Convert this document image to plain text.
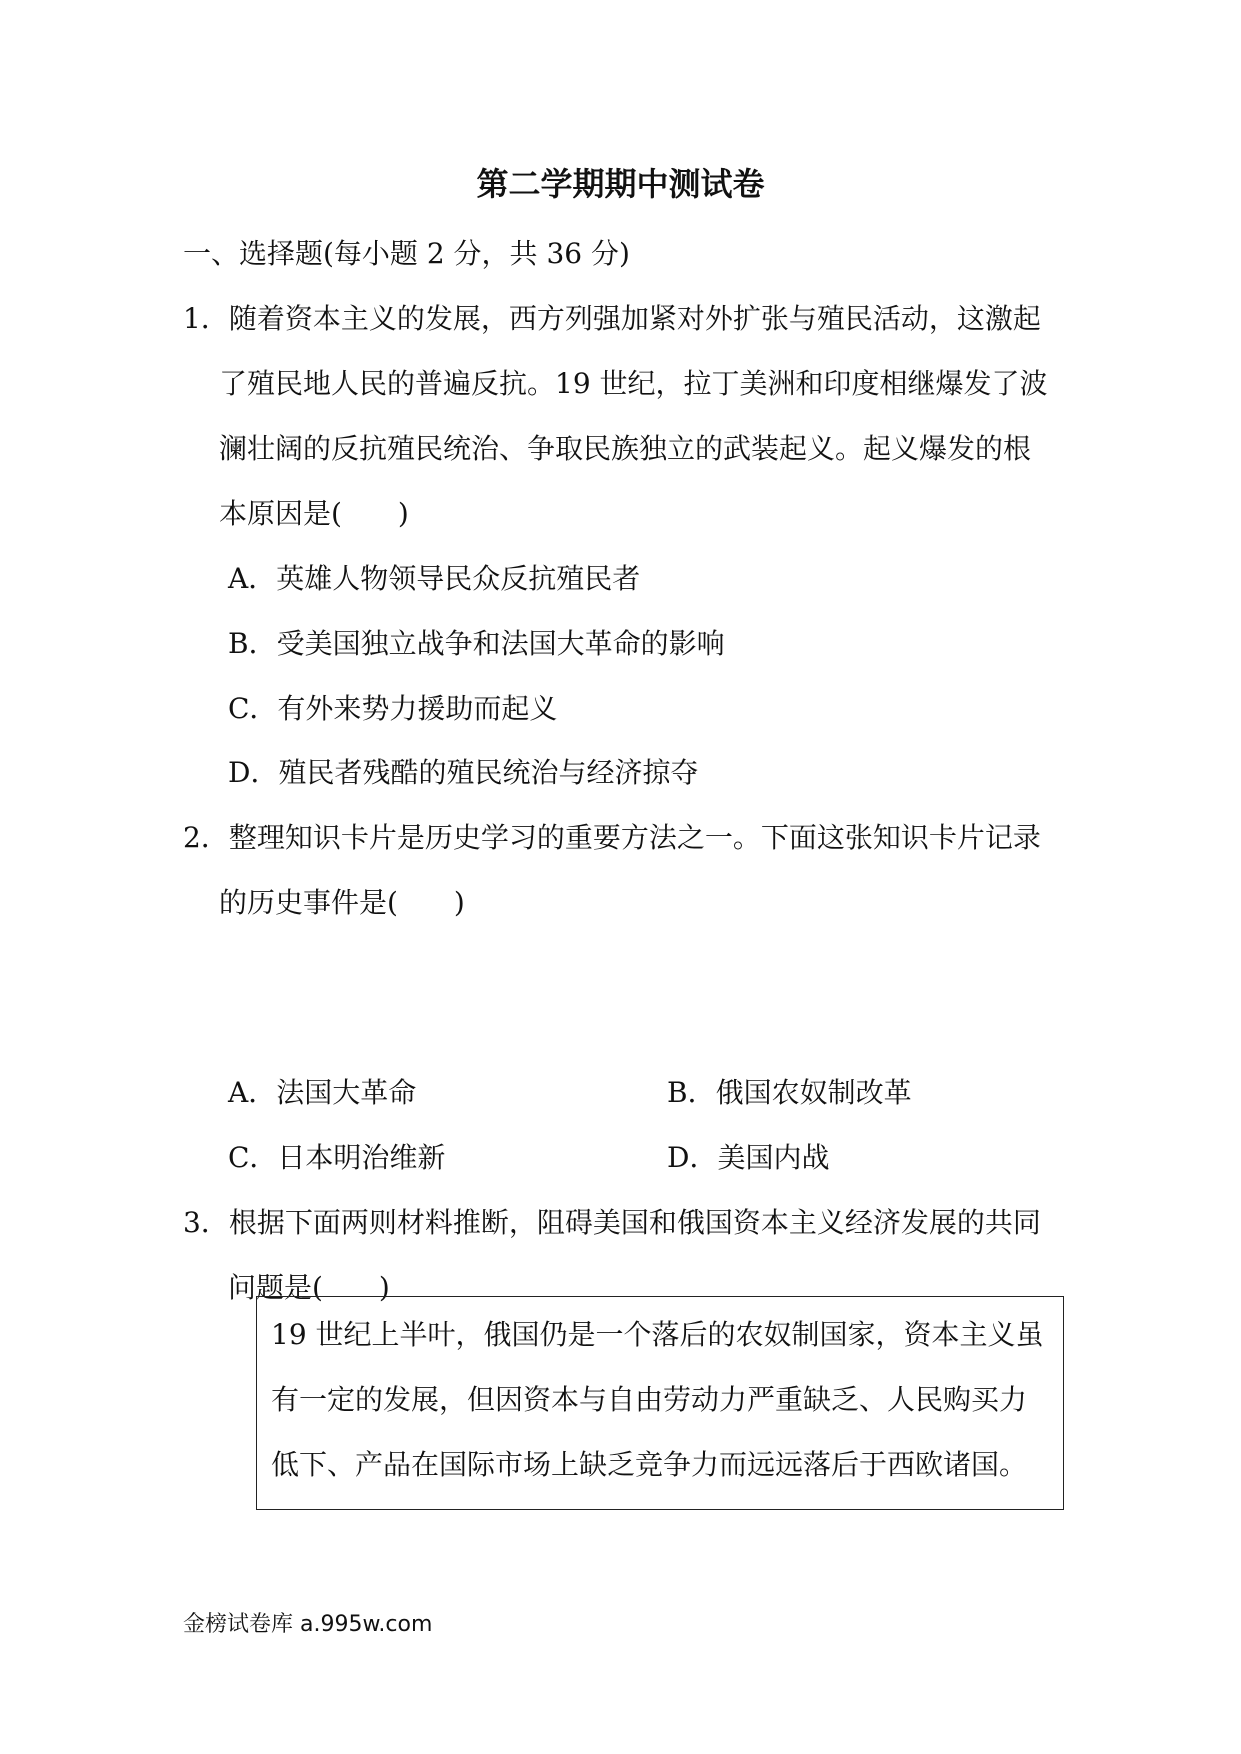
第二学期期中测试卷
一、选择题(每小题 2 分，共 36 分)
1．随着资本主义的发展，西方列强加紧对外扩张与殖民活动，这激起
了殖民地人民的普遍反抗。19 世纪，拉丁美洲和印度相继爆发了波
澜壮阔的反抗殖民统治、争取民族独立的武装起义。起义爆发的根
本原因是(　　)
A．英雄人物领导民众反抗殖民者
B．受美国独立战争和法国大革命的影响
C．有外来势力援助而起义
D．殖民者残酷的殖民统治与经济掠夺
2．整理知识卡片是历史学习的重要方法之一。下面这张知识卡片记录
的历史事件是(　　)
A．法国大革命	B．俄国农奴制改革
C．日本明治维新	D．美国内战
3．根据下面两则材料推断，阻碍美国和俄国资本主义经济发展的共同
问题是(　　)
19 世纪上半叶，俄国仍是一个落后的农奴制国家，资本主义虽
有一定的发展，但因资本与自由劳动力严重缺乏、人民购买力
低下、产品在国际市场上缺乏竞争力而远远落后于西欧诸国。
金榜试卷库 a.995w.com
